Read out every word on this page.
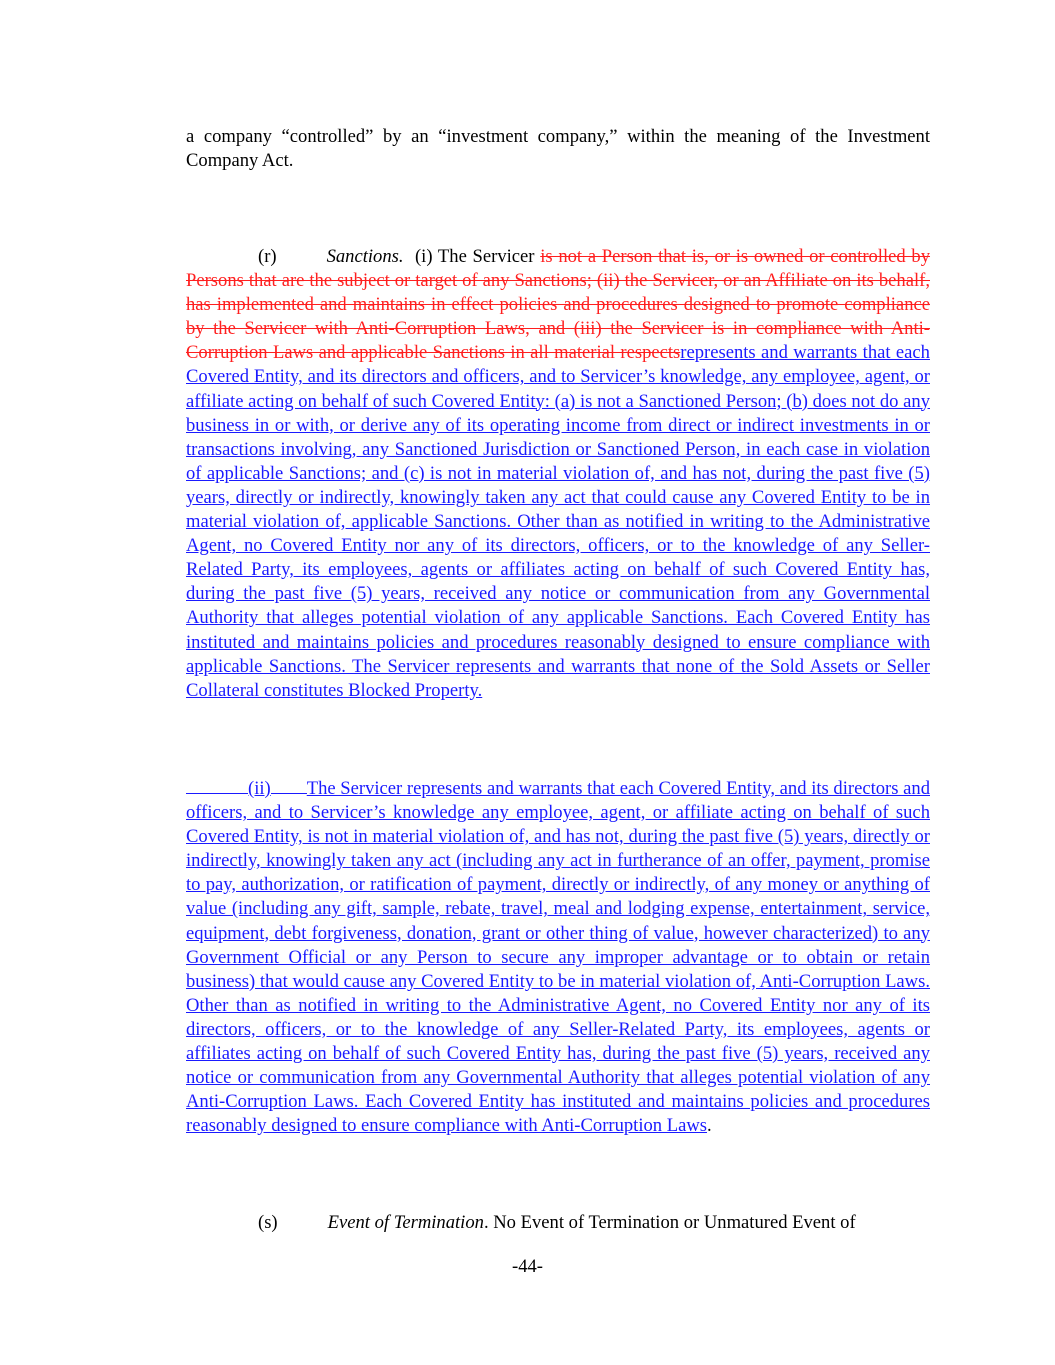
a company “controlled” by an “investment company,” within the meaning of the Investment Company Act.
(r)	Sanctions. (i) The Servicer is not a Person that is, or is owned or controlled by Persons that are the subject or target of any Sanctions; (ii) the Servicer, or an Affiliate on its behalf, has implemented and maintains in effect policies and procedures designed to promote compliance by the Servicer with Anti-Corruption Laws, and (iii) the Servicer is in compliance with Anti-Corruption Laws and applicable Sanctions in all material respectsrepresents and warrants that each Covered Entity, and its directors and officers, and to Servicer’s knowledge, any employee, agent, or affiliate acting on behalf of such Covered Entity: (a) is not a Sanctioned Person; (b) does not do any business in or with, or derive any of its operating income from direct or indirect investments in or transactions involving, any Sanctioned Jurisdiction or Sanctioned Person, in each case in violation of applicable Sanctions; and (c) is not in material violation of, and has not, during the past five (5) years, directly or indirectly, knowingly taken any act that could cause any Covered Entity to be in material violation of, applicable Sanctions. Other than as notified in writing to the Administrative Agent, no Covered Entity nor any of its directors, officers, or to the knowledge of any Seller-Related Party, its employees, agents or affiliates acting on behalf of such Covered Entity has, during the past five (5) years, received any notice or communication from any Governmental Authority that alleges potential violation of any applicable Sanctions. Each Covered Entity has instituted and maintains policies and procedures reasonably designed to ensure compliance with applicable Sanctions. The Servicer represents and warrants that none of the Sold Assets or Seller Collateral constitutes Blocked Property.
(ii) The Servicer represents and warrants that each Covered Entity, and its directors and officers, and to Servicer’s knowledge any employee, agent, or affiliate acting on behalf of such Covered Entity, is not in material violation of, and has not, during the past five (5) years, directly or indirectly, knowingly taken any act (including any act in furtherance of an offer, payment, promise to pay, authorization, or ratification of payment, directly or indirectly, of any money or anything of value (including any gift, sample, rebate, travel, meal and lodging expense, entertainment, service, equipment, debt forgiveness, donation, grant or other thing of value, however characterized) to any Government Official or any Person to secure any improper advantage or to obtain or retain business) that would cause any Covered Entity to be in material violation of, Anti-Corruption Laws. Other than as notified in writing to the Administrative Agent, no Covered Entity nor any of its directors, officers, or to the knowledge of any Seller-Related Party, its employees, agents or affiliates acting on behalf of such Covered Entity has, during the past five (5) years, received any notice or communication from any Governmental Authority that alleges potential violation of any Anti-Corruption Laws. Each Covered Entity has instituted and maintains policies and procedures reasonably designed to ensure compliance with Anti-Corruption Laws.
(s)	Event of Termination. No Event of Termination or Unmatured Event of
-44-
